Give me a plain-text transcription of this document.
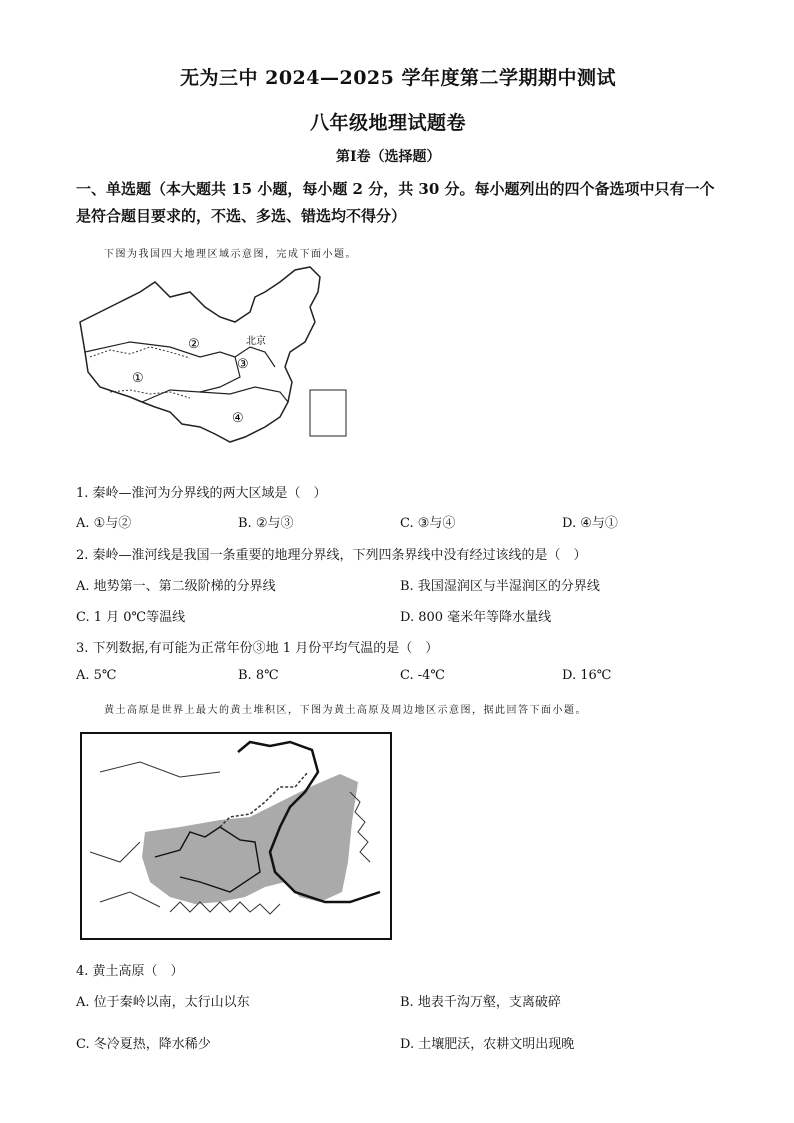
无为三中 2024—2025 学年度第二学期期中测试
八年级地理试题卷
第Ⅰ卷（选择题）
一、单选题（本大题共 15 小题，每小题 2 分，共 30 分。每小题列出的四个备选项中只有一个是符合题目要求的，不选、多选、错选均不得分）
下图为我国四大地理区域示意图，完成下面小题。
①
②
③
④
北京
1. 秦岭—淮河为分界线的两大区域是（　）
A. ①与②	B. ②与③	C. ③与④	D. ④与①
2. 秦岭—淮河线是我国一条重要的地理分界线，下列四条界线中没有经过该线的是（　）
A. 地势第一、第二级阶梯的分界线	B. 我国湿润区与半湿润区的分界线
C. 1 月 0℃等温线	D. 800 毫米年等降水量线
3. 下列数据,有可能为正常年份③地 1 月份平均气温的是（　）
A. 5℃	B. 8℃	C. -4℃	D. 16℃
黄土高原是世界上最大的黄土堆积区，下图为黄土高原及周边地区示意图，据此回答下面小题。
4. 黄土高原（　）
A. 位于秦岭以南，太行山以东	B. 地表千沟万壑，支离破碎
C. 冬冷夏热，降水稀少	D. 土壤肥沃，农耕文明出现晚
